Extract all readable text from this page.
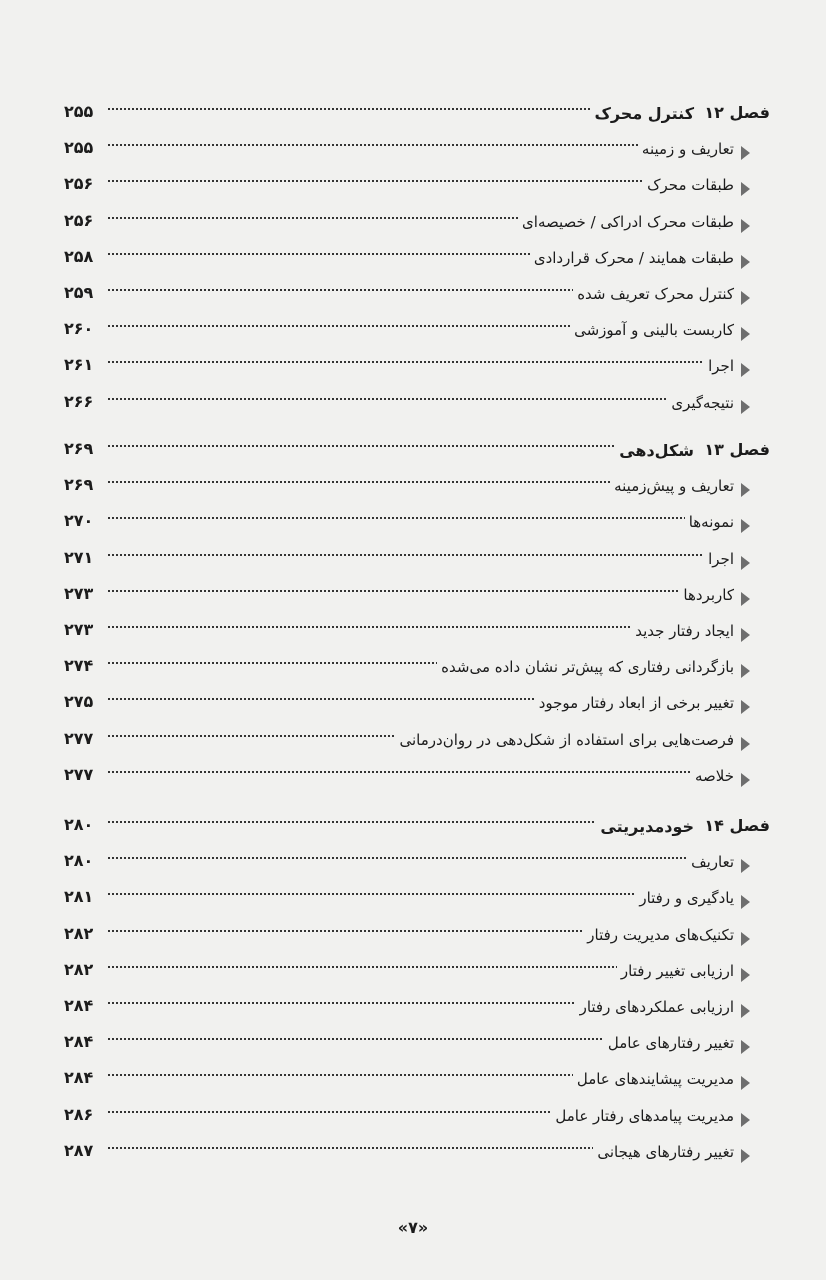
فصل ۱۲
کنترل محرک
۲۵۵
تعاریف و زمینه
۲۵۵
طبقات محرک
۲۵۶
طبقات محرک ادراکی / خصیصه‌ای
۲۵۶
طبقات همایند / محرک قراردادی
۲۵۸
کنترل محرک تعریف شده
۲۵۹
کاربست بالینی و آموزشی
۲۶۰
اجرا
۲۶۱
نتیجه‌گیری
۲۶۶
فصل ۱۳
شکل‌دهی
۲۶۹
تعاریف و پیش‌زمینه
۲۶۹
نمونه‌ها
۲۷۰
اجرا
۲۷۱
کاربردها
۲۷۳
ایجاد رفتار جدید
۲۷۳
بازگردانی رفتاری که پیش‌تر نشان داده می‌شده
۲۷۴
تغییر برخی از ابعاد رفتار موجود
۲۷۵
فرصت‌هایی برای استفاده از شکل‌دهی در روان‌درمانی
۲۷۷
خلاصه
۲۷۷
فصل ۱۴
خودمدیریتی
۲۸۰
تعاریف
۲۸۰
یادگیری و رفتار
۲۸۱
تکنیک‌های مدیریت رفتار
۲۸۲
ارزیابی تغییر رفتار
۲۸۲
ارزیابی عملکردهای رفتار
۲۸۴
تغییر رفتارهای عامل
۲۸۴
مدیریت پیشایندهای عامل
۲۸۴
مدیریت پیامدهای رفتار عامل
۲۸۶
تغییر رفتارهای هیجانی
۲۸۷
«۷»
